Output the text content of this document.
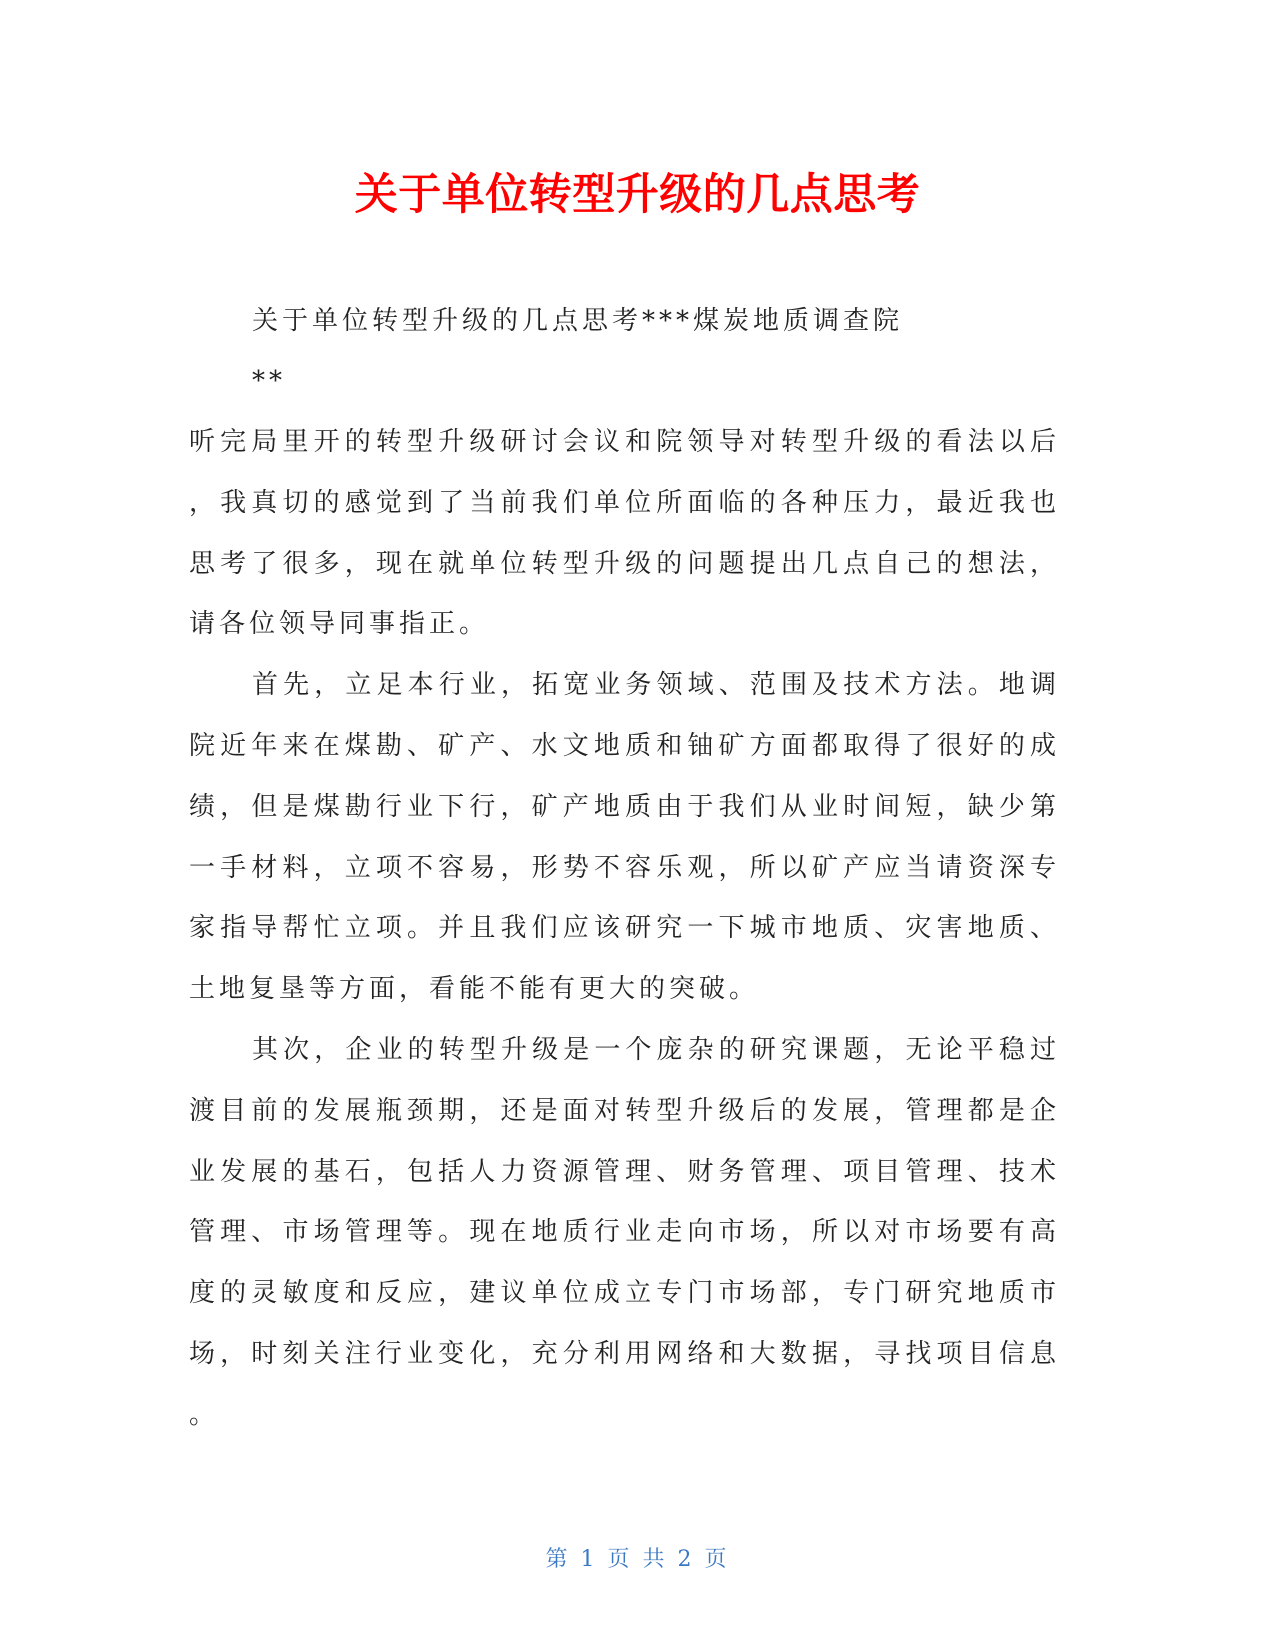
关于单位转型升级的几点思考
关于单位转型升级的几点思考***煤炭地质调查院
**
听完局里开的转型升级研讨会议和院领导对转型升级的看法以后
，我真切的感觉到了当前我们单位所面临的各种压力，最近我也
思考了很多，现在就单位转型升级的问题提出几点自己的想法，
请各位领导同事指正。
首先，立足本行业，拓宽业务领域、范围及技术方法。地调
院近年来在煤勘、矿产、水文地质和铀矿方面都取得了很好的成
绩，但是煤勘行业下行，矿产地质由于我们从业时间短，缺少第
一手材料，立项不容易，形势不容乐观，所以矿产应当请资深专
家指导帮忙立项。并且我们应该研究一下城市地质、灾害地质、
土地复垦等方面，看能不能有更大的突破。
其次，企业的转型升级是一个庞杂的研究课题，无论平稳过
渡目前的发展瓶颈期，还是面对转型升级后的发展，管理都是企
业发展的基石，包括人力资源管理、财务管理、项目管理、技术
管理、市场管理等。现在地质行业走向市场，所以对市场要有高
度的灵敏度和反应，建议单位成立专门市场部，专门研究地质市
场，时刻关注行业变化，充分利用网络和大数据，寻找项目信息
。
第 1 页 共 2 页
